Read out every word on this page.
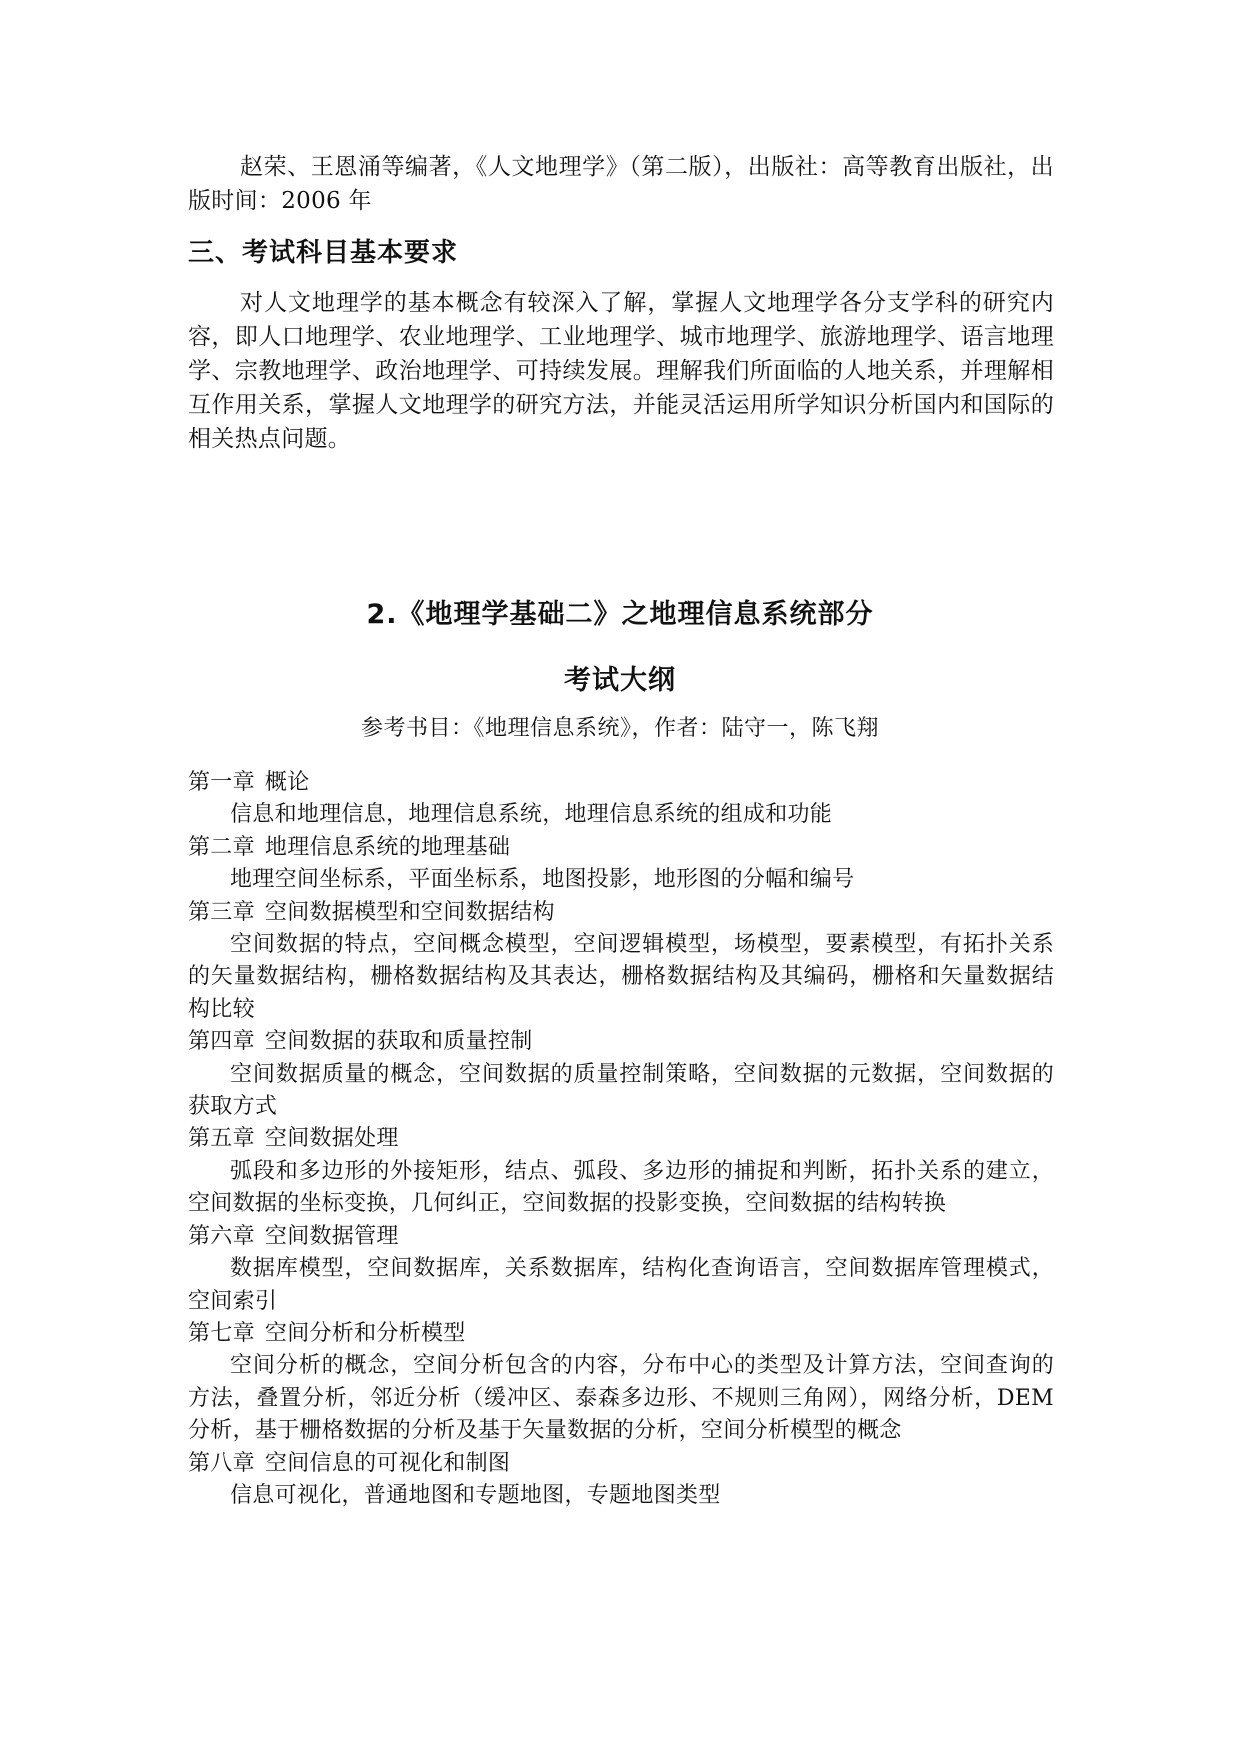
赵荣、王恩涌等编著，《人文地理学》（第二版），出版社：高等教育出版社，出版时间：2006 年
三、考试科目基本要求
对人文地理学的基本概念有较深入了解，掌握人文地理学各分支学科的研究内容，即人口地理学、农业地理学、工业地理学、城市地理学、旅游地理学、语言地理学、宗教地理学、政治地理学、可持续发展。理解我们所面临的人地关系，并理解相互作用关系，掌握人文地理学的研究方法，并能灵活运用所学知识分析国内和国际的相关热点问题。
2.《地理学基础二》之地理信息系统部分
考试大纲
参考书目：《地理信息系统》，作者：陆守一，陈飞翔

第一章 概论

信息和地理信息，地理信息系统，地理信息系统的组成和功能

第二章 地理信息系统的地理基础

地理空间坐标系，平面坐标系，地图投影，地形图的分幅和编号

第三章 空间数据模型和空间数据结构

空间数据的特点，空间概念模型，空间逻辑模型，场模型，要素模型，有拓扑关系的矢量数据结构，栅格数据结构及其表达，栅格数据结构及其编码，栅格和矢量数据结构比较

第四章 空间数据的获取和质量控制

空间数据质量的概念，空间数据的质量控制策略，空间数据的元数据，空间数据的获取方式

第五章 空间数据处理

弧段和多边形的外接矩形，结点、弧段、多边形的捕捉和判断，拓扑关系的建立，空间数据的坐标变换，几何纠正，空间数据的投影变换，空间数据的结构转换

第六章 空间数据管理

数据库模型，空间数据库，关系数据库，结构化查询语言，空间数据库管理模式，空间索引

第七章 空间分析和分析模型

空间分析的概念，空间分析包含的内容，分布中心的类型及计算方法，空间查询的方法，叠置分析，邻近分析（缓冲区、泰森多边形、不规则三角网），网络分析，DEM 分析，基于栅格数据的分析及基于矢量数据的分析，空间分析模型的概念

第八章 空间信息的可视化和制图

信息可视化，普通地图和专题地图，专题地图类型
